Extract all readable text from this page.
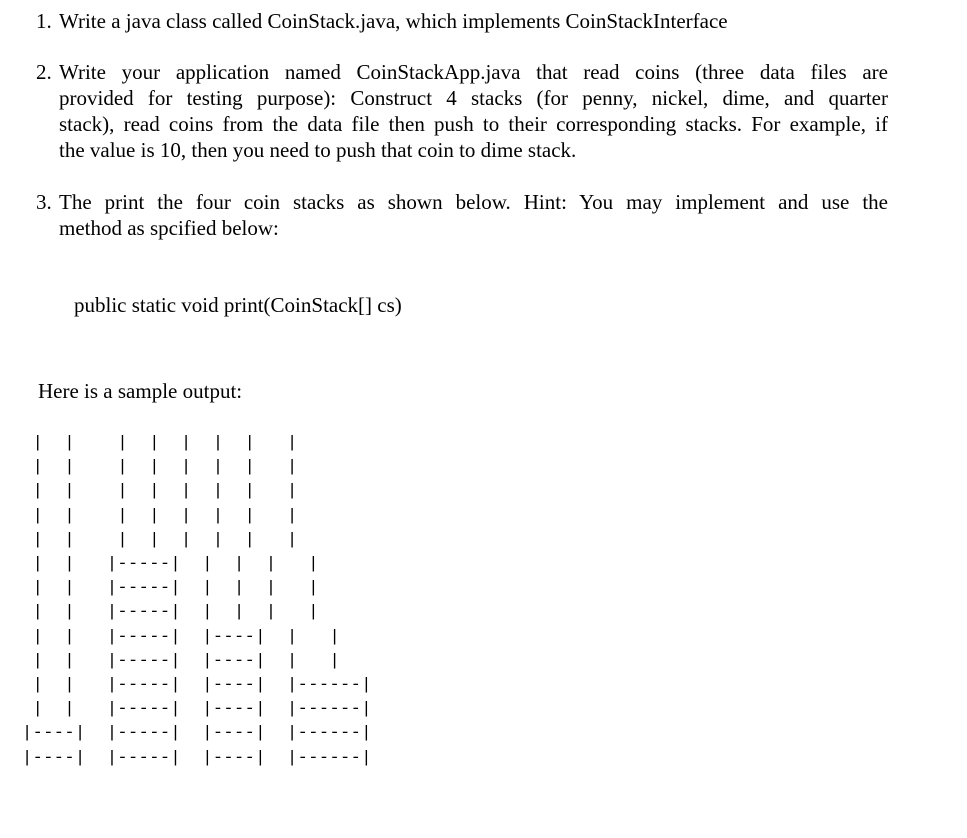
1. Write a java class called CoinStack.java, which implements CoinStackInterface
2. Write your application named CoinStackApp.java that read coins (three data files are
provided for testing purpose): Construct 4 stacks (for penny, nickel, dime, and quarter
stack), read coins from the data file then push to their corresponding stacks. For example, if
the value is 10, then you need to push that coin to dime stack.
3. The print the four coin stacks as shown below. Hint: You may implement and use the
method as spcified below:
public static void print(CoinStack[] cs)
Here is a sample output:
|  |    |  |  |  |  |   |
|  |    |  |  |  |  |   |
|  |    |  |  |  |  |   |
|  |    |  |  |  |  |   |
|  |    |  |  |  |  |   |
|  |   |-----|  |  |  |   |
|  |   |-----|  |  |  |   |
|  |   |-----|  |  |  |   |
|  |   |-----|  |----|  |   |
|  |   |-----|  |----|  |   |
|  |   |-----|  |----|  |------|
|  |   |-----|  |----|  |------|
|----|  |-----|  |----|  |------|
|----|  |-----|  |----|  |------|
